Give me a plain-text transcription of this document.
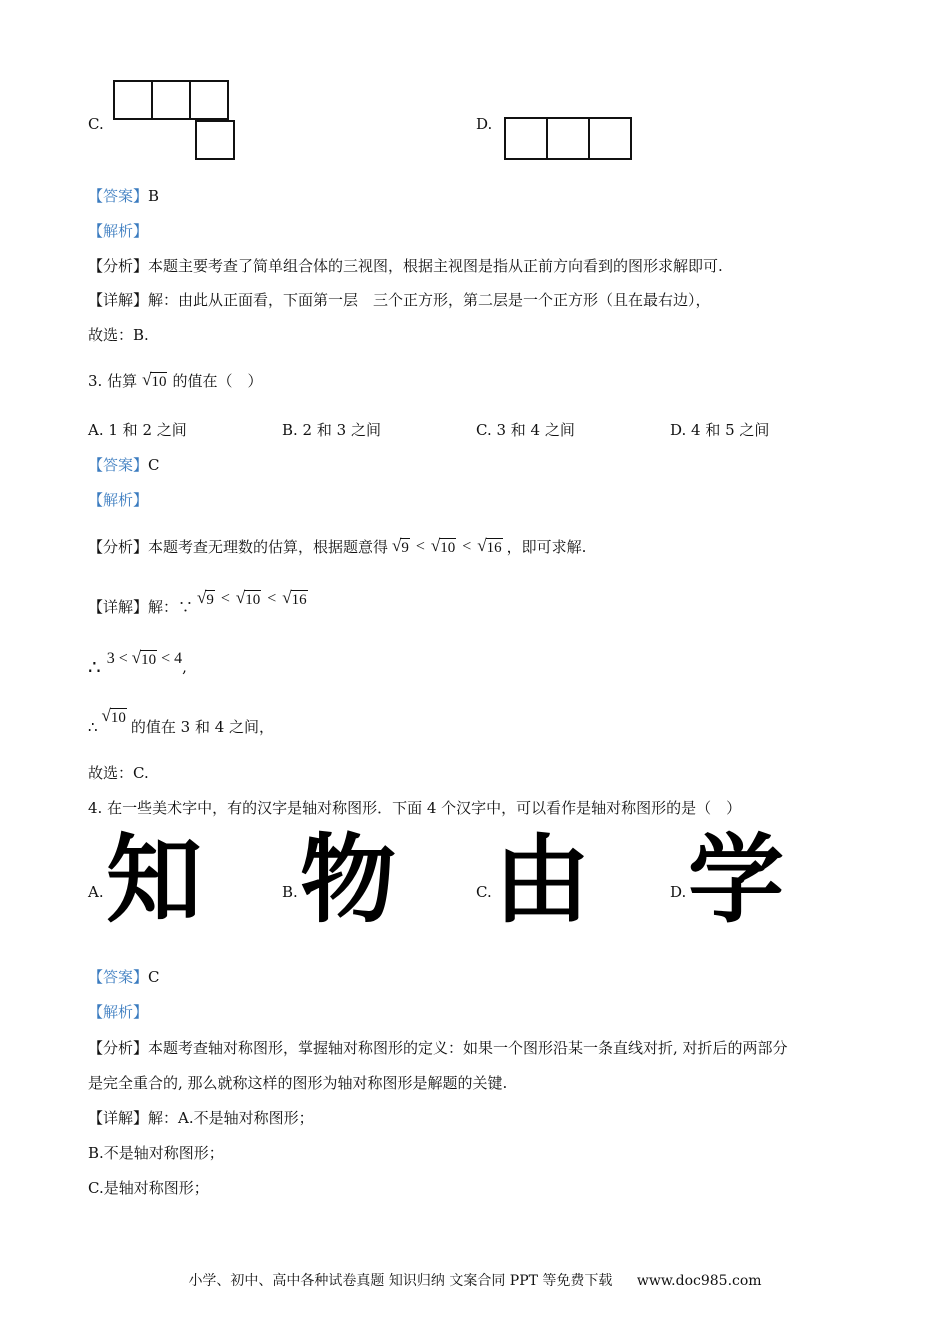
C.	D.
【答案】B
【解析】
【分析】本题主要考查了简单组合体的三视图，根据主视图是指从正前方向看到的图形求解即可.
【详解】解：由此从正面看，下面第一层　三个正方形，第二层是一个正方形（且在最右边），
故选：B.
3. 估算 √ 10 的值在（　）
A. 1 和 2 之间	B. 2 和 3 之间	C. 3 和 4 之间	D. 4 和 5 之间
【答案】C
【解析】
【分析】 本题考查无理数的估算，根据题意得 √ 9 < √ 10 < √ 16 ，即可求解.
【详解】 解：∵ √ 9 < √ 10 < √ 16
∴ 3 < √ 10 < 4 ,
∴
√ 10 的值在 3 和 4 之间，
故选：C.
4. 在一些美术字中，有的汉字是轴对称图形．下面 4 个汉字中，可以看作是轴对称图形的是（　）
A. 知	B. 物	C. 由	D. 学
【答案】C
【解析】
【分析】本题考查轴对称图形，掌握轴对称图形的定义：如果一个图形沿某一条直线对折, 对折后的两部分
是完全重合的, 那么就称这样的图形为轴对称图形是解题的关键.
【详解】解：A.不是轴对称图形；
B.不是轴对称图形；
C.是轴对称图形；
小学、初中、高中各种试卷真题 知识归纳 文案合同 PPT 等免费下载 www.doc985.com
